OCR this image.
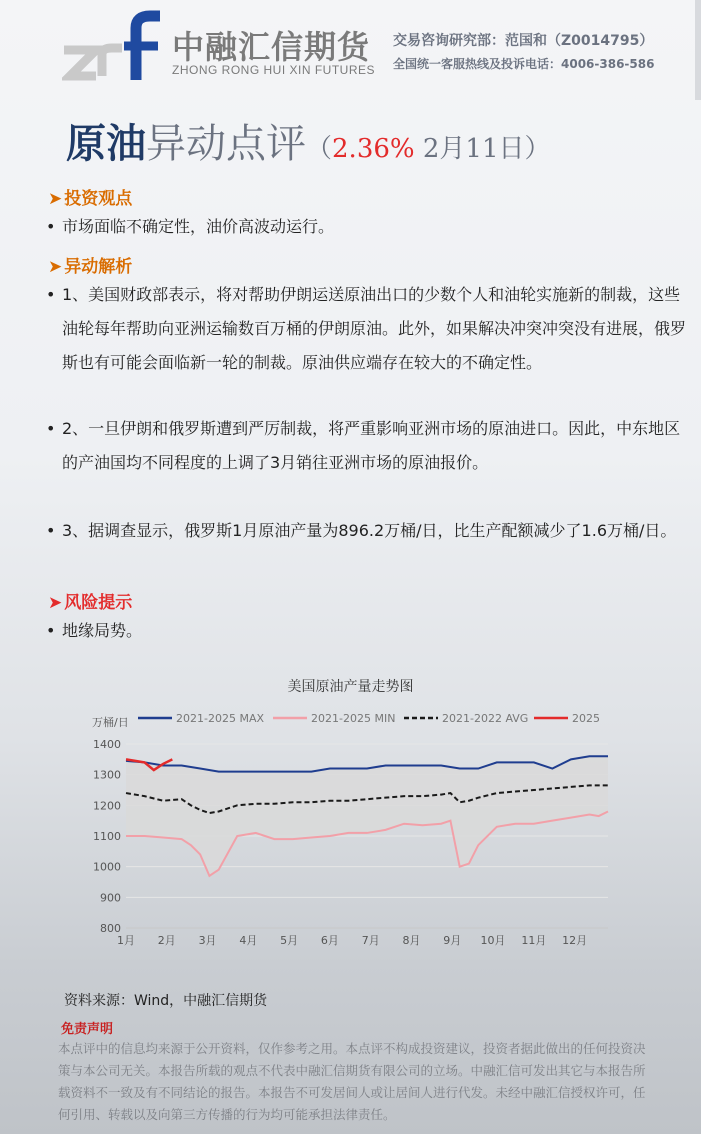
中融汇信期货
ZHONG RONG HUI XIN FUTURES
交易咨询研究部：范国和（Z0014795）
全国统一客服热线及投诉电话：4006-386-586
原油异动点评（2.36% 2月11日）
➤ 投资观点
• 市场面临不确定性，油价高波动运行。
➤ 异动解析
• 1、美国财政部表示，将对帮助伊朗运送原油出口的少数个人和油轮实施新的制裁，这些油轮每年帮助向亚洲运输数百万桶的伊朗原油。此外，如果解决冲突冲突没有进展，俄罗斯也有可能会面临新一轮的制裁。原油供应端存在较大的不确定性。
• 2、一旦伊朗和俄罗斯遭到严厉制裁，将严重影响亚洲市场的原油进口。因此，中东地区的产油国均不同程度的上调了3月销往亚洲市场的原油报价。
• 3、据调查显示，俄罗斯1月原油产量为896.2万桶/日，比生产配额减少了1.6万桶/日。
➤ 风险提示
• 地缘局势。
美国原油产量走势图
万桶/日
800
900
1000
1100
1200
1300
1400
1月 2月 3月 4月 5月 6月 7月 8月 9月 10月 11月 12月
2021-2025 MAX	2021-2025 MIN	2021-2022 AVG	2025
资料来源：Wind，中融汇信期货
免责声明
本点评中的信息均来源于公开资料，仅作参考之用。本点评不构成投资建议，投资者据此做出的任何投资决策与本公司无关。本报告所载的观点不代表中融汇信期货有限公司的立场。中融汇信可发出其它与本报告所载资料不一致及有不同结论的报告。本报告不可发居间人或让居间人进行代发。未经中融汇信授权许可，任何引用、转载以及向第三方传播的行为均可能承担法律责任。
